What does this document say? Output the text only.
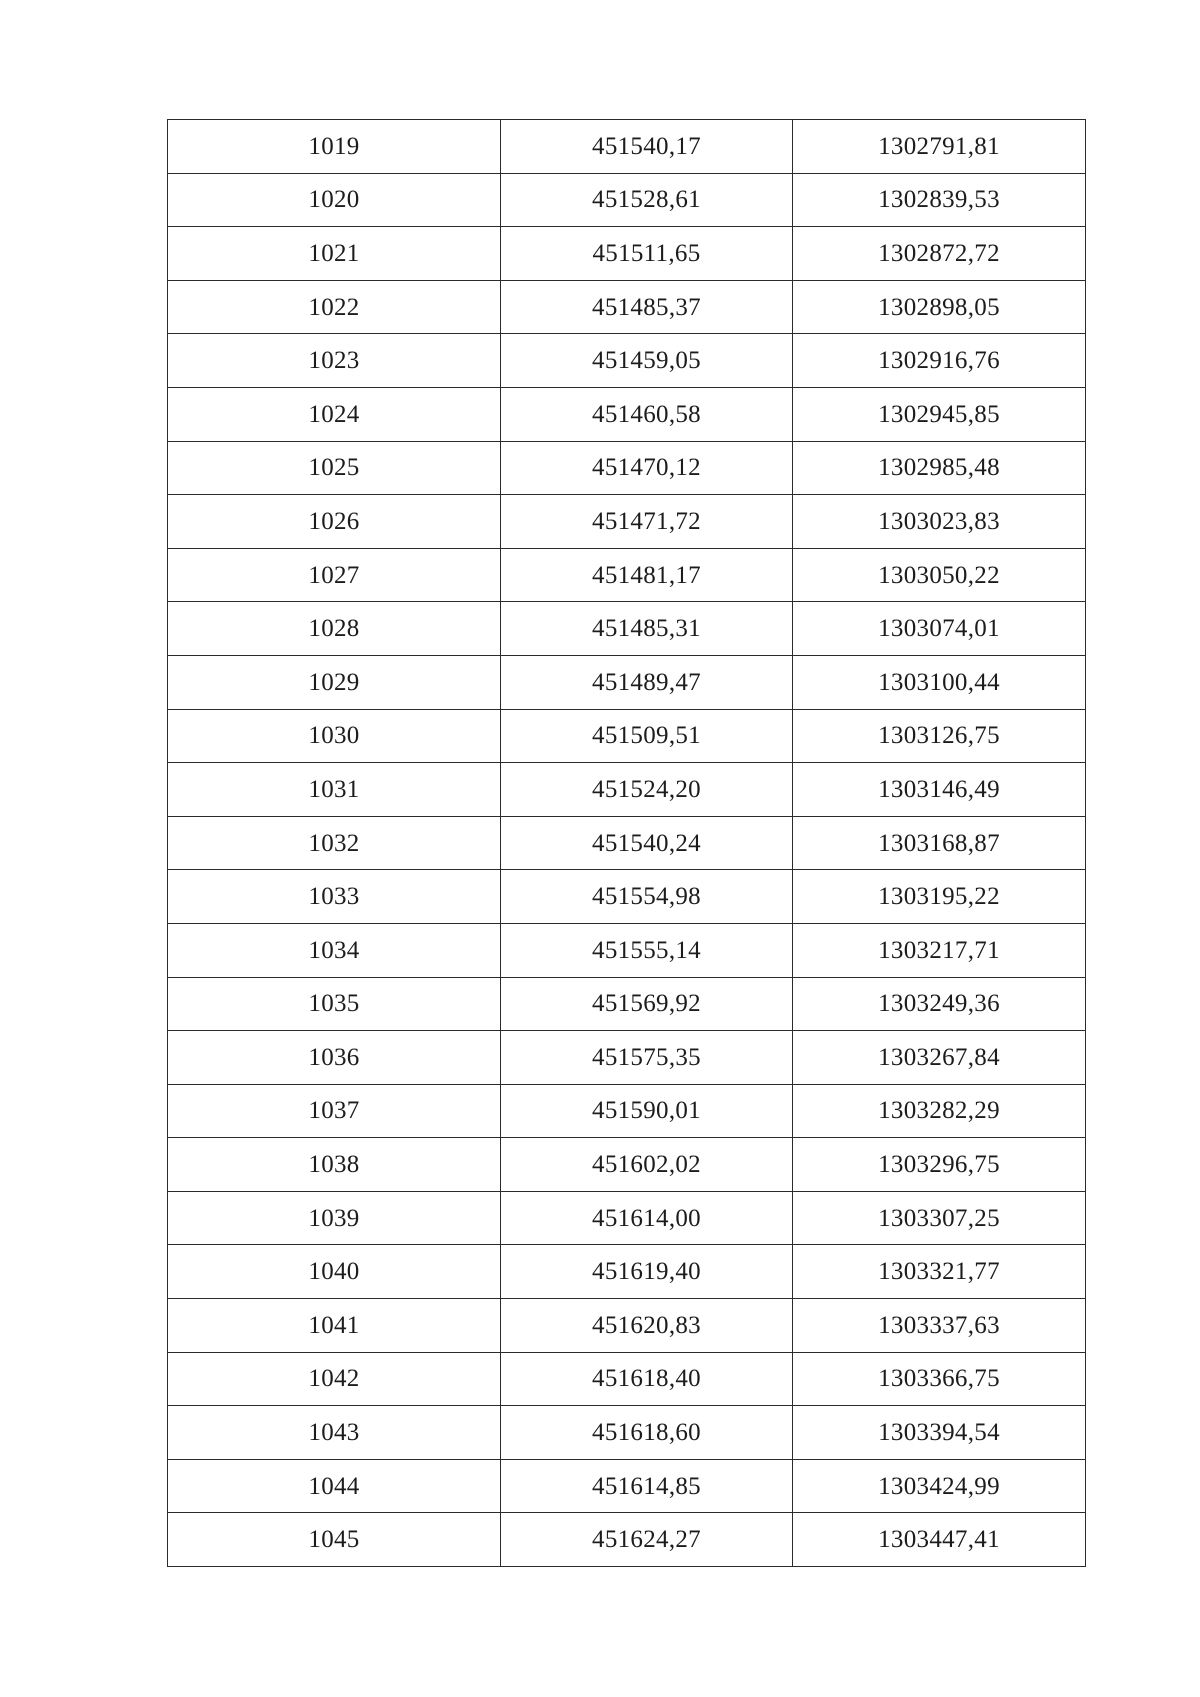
1019	451540,17	1302791,81
1020	451528,61	1302839,53
1021	451511,65	1302872,72
1022	451485,37	1302898,05
1023	451459,05	1302916,76
1024	451460,58	1302945,85
1025	451470,12	1302985,48
1026	451471,72	1303023,83
1027	451481,17	1303050,22
1028	451485,31	1303074,01
1029	451489,47	1303100,44
1030	451509,51	1303126,75
1031	451524,20	1303146,49
1032	451540,24	1303168,87
1033	451554,98	1303195,22
1034	451555,14	1303217,71
1035	451569,92	1303249,36
1036	451575,35	1303267,84
1037	451590,01	1303282,29
1038	451602,02	1303296,75
1039	451614,00	1303307,25
1040	451619,40	1303321,77
1041	451620,83	1303337,63
1042	451618,40	1303366,75
1043	451618,60	1303394,54
1044	451614,85	1303424,99
1045	451624,27	1303447,41
